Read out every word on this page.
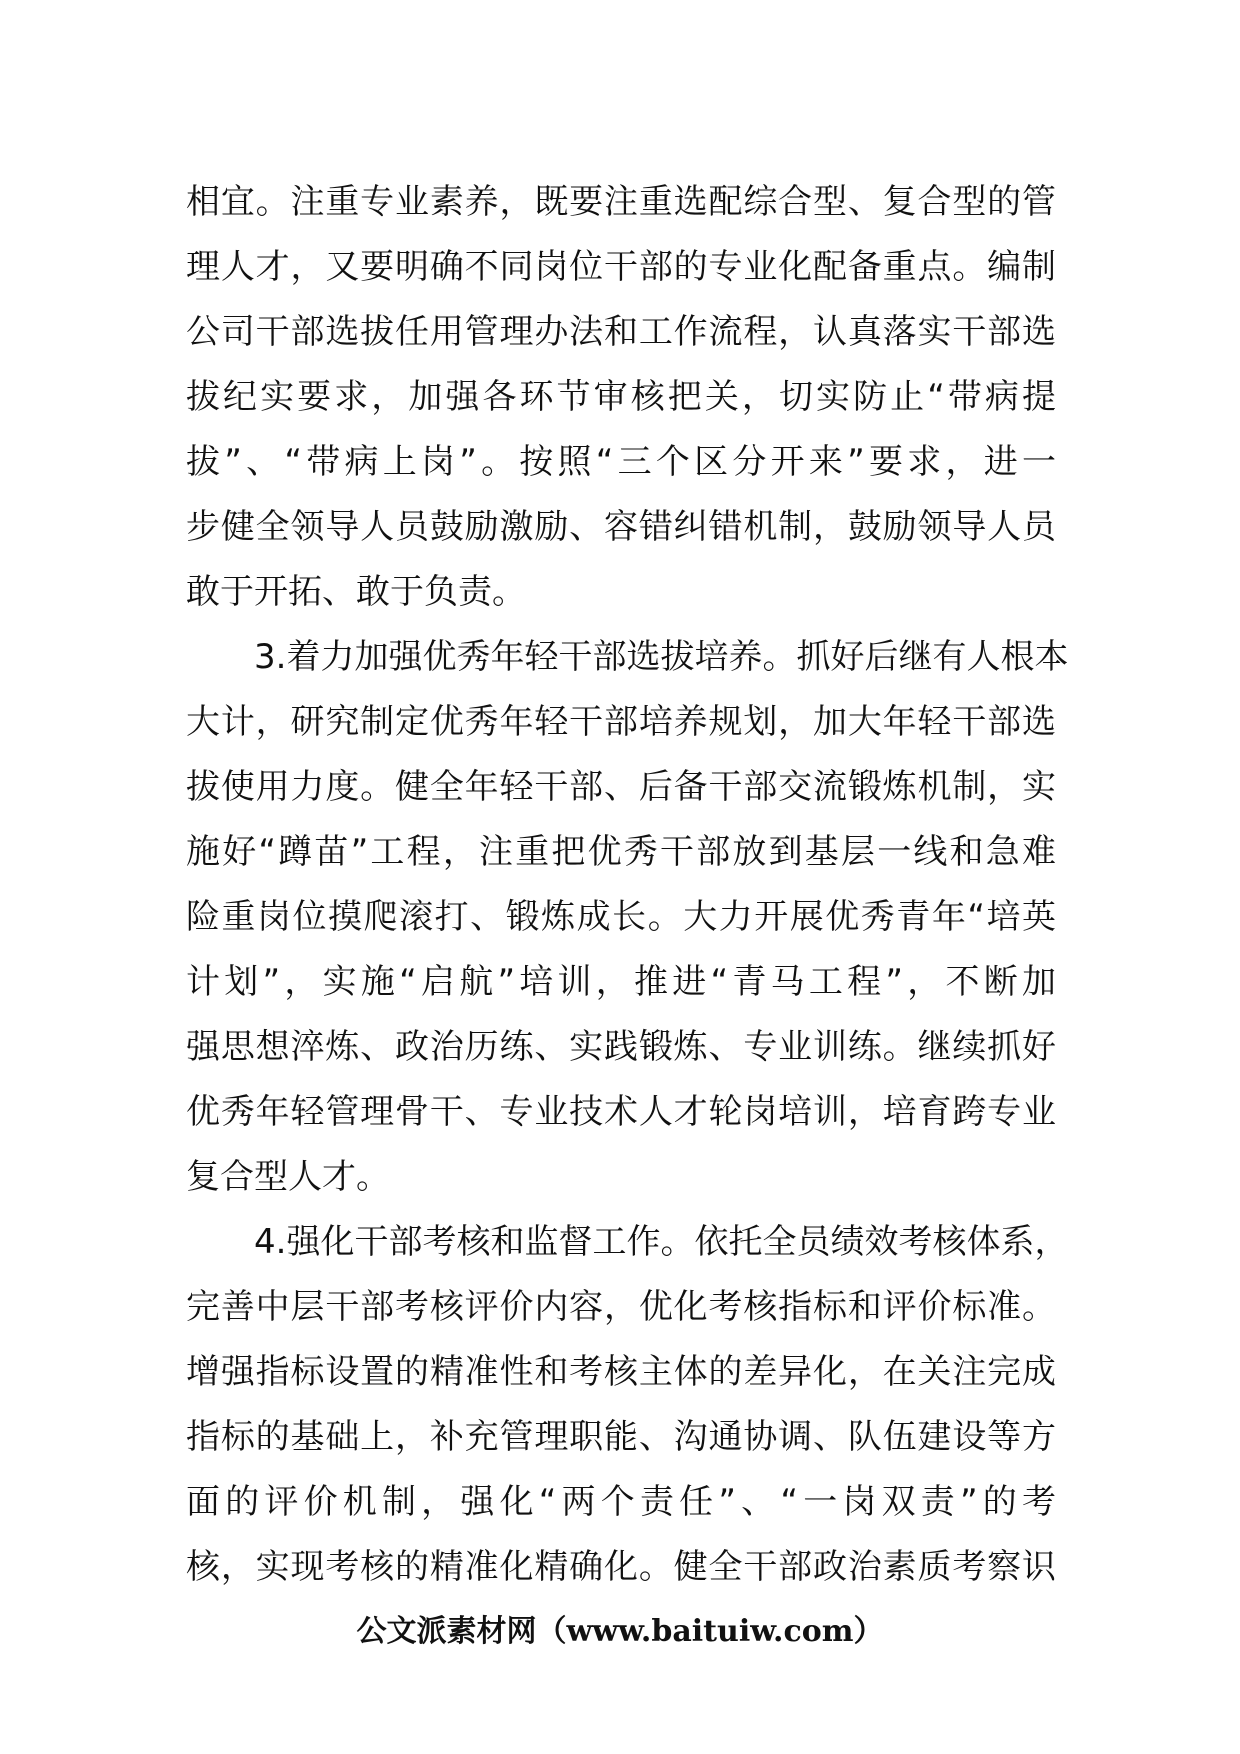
相宜。注重专业素养，既要注重选配综合型、复合型的管
理人才，又要明确不同岗位干部的专业化配备重点。编制
公司干部选拔任用管理办法和工作流程，认真落实干部选
拔纪实要求，加强各环节审核把关，切实防止“带病提
拔”、“带病上岗”。按照“三个区分开来”要求，进一
步健全领导人员鼓励激励、容错纠错机制，鼓励领导人员
敢于开拓、敢于负责。
3.着力加强优秀年轻干部选拔培养。抓好后继有人根本
大计，研究制定优秀年轻干部培养规划，加大年轻干部选
拔使用力度。健全年轻干部、后备干部交流锻炼机制，实
施好“蹲苗”工程，注重把优秀干部放到基层一线和急难
险重岗位摸爬滚打、锻炼成长。大力开展优秀青年“培英
计划”，实施“启航”培训，推进“青马工程”，不断加
强思想淬炼、政治历练、实践锻炼、专业训练。继续抓好
优秀年轻管理骨干、专业技术人才轮岗培训，培育跨专业
复合型人才。
4.强化干部考核和监督工作。依托全员绩效考核体系，
完善中层干部考核评价内容，优化考核指标和评价标准。
增强指标设置的精准性和考核主体的差异化，在关注完成
指标的基础上，补充管理职能、沟通协调、队伍建设等方
面的评价机制，强化“两个责任”、“一岗双责”的考
核，实现考核的精准化精确化。健全干部政治素质考察识
公文派素材网（www.baituiw.com）
